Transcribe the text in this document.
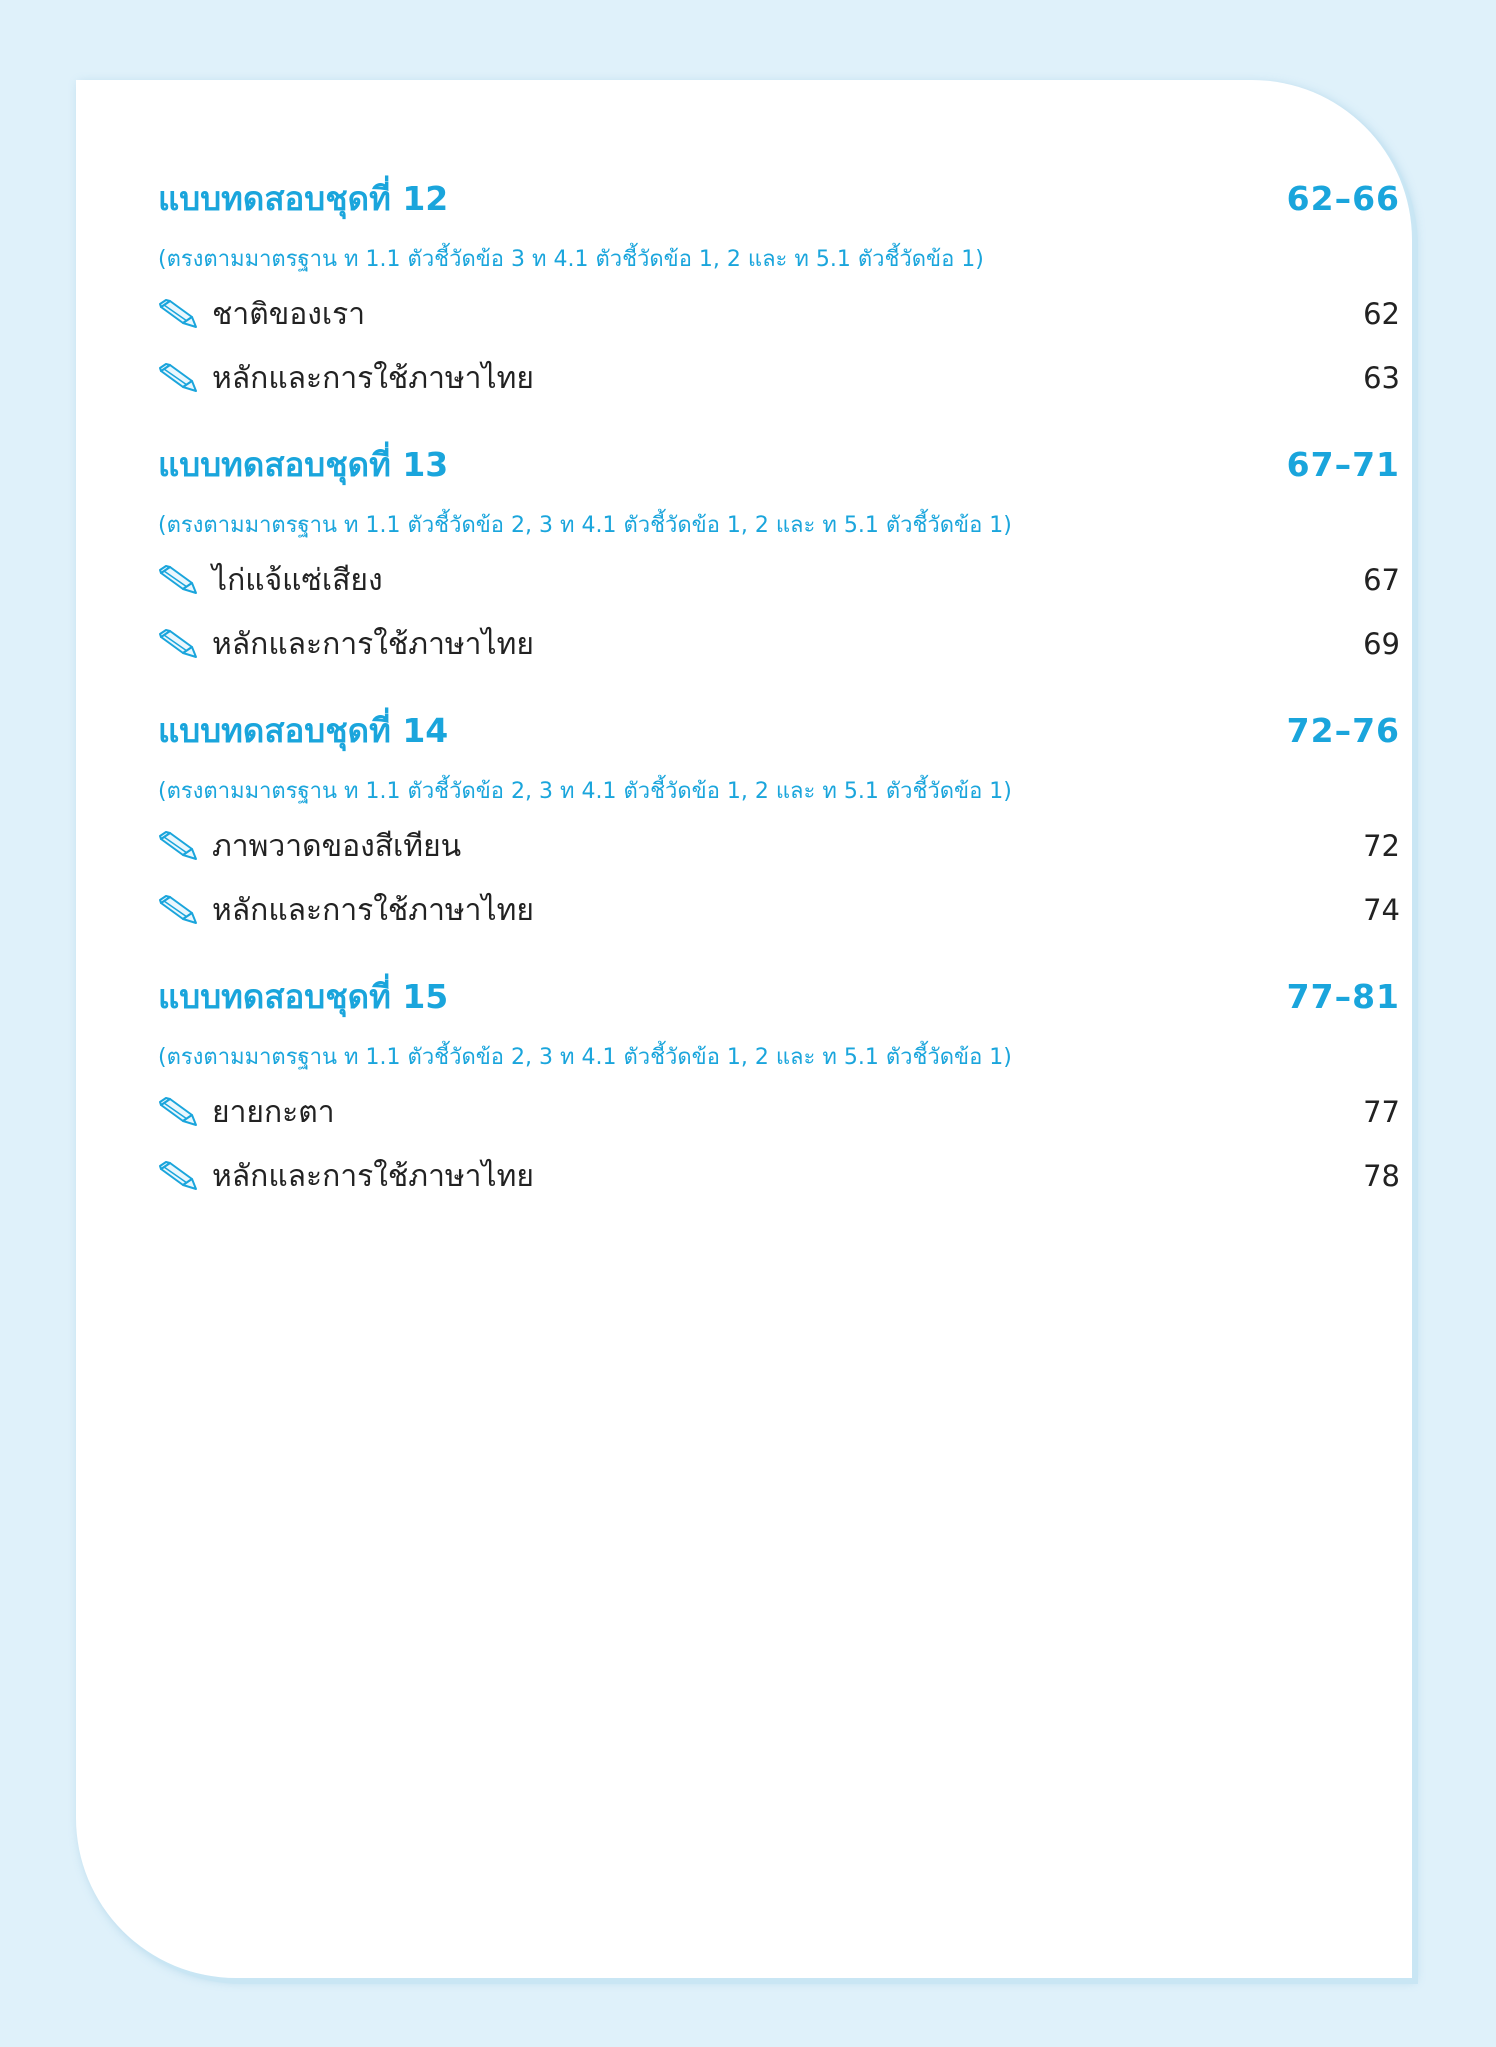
แบบทดสอบชุดที่ 12	62–66
(ตรงตามมาตรฐาน ท 1.1 ตัวชี้วัดข้อ 3 ท 4.1 ตัวชี้วัดข้อ 1, 2 และ ท 5.1 ตัวชี้วัดข้อ 1)
ชาติของเรา	62
หลักและการใช้ภาษาไทย	63
แบบทดสอบชุดที่ 13	67–71
(ตรงตามมาตรฐาน ท 1.1 ตัวชี้วัดข้อ 2, 3 ท 4.1 ตัวชี้วัดข้อ 1, 2 และ ท 5.1 ตัวชี้วัดข้อ 1)
ไก่แจ้แซ่เสียง	67
หลักและการใช้ภาษาไทย	69
แบบทดสอบชุดที่ 14	72–76
(ตรงตามมาตรฐาน ท 1.1 ตัวชี้วัดข้อ 2, 3 ท 4.1 ตัวชี้วัดข้อ 1, 2 และ ท 5.1 ตัวชี้วัดข้อ 1)
ภาพวาดของสีเทียน	72
หลักและการใช้ภาษาไทย	74
แบบทดสอบชุดที่ 15	77–81
(ตรงตามมาตรฐาน ท 1.1 ตัวชี้วัดข้อ 2, 3 ท 4.1 ตัวชี้วัดข้อ 1, 2 และ ท 5.1 ตัวชี้วัดข้อ 1)
ยายกะตา	77
หลักและการใช้ภาษาไทย	78
